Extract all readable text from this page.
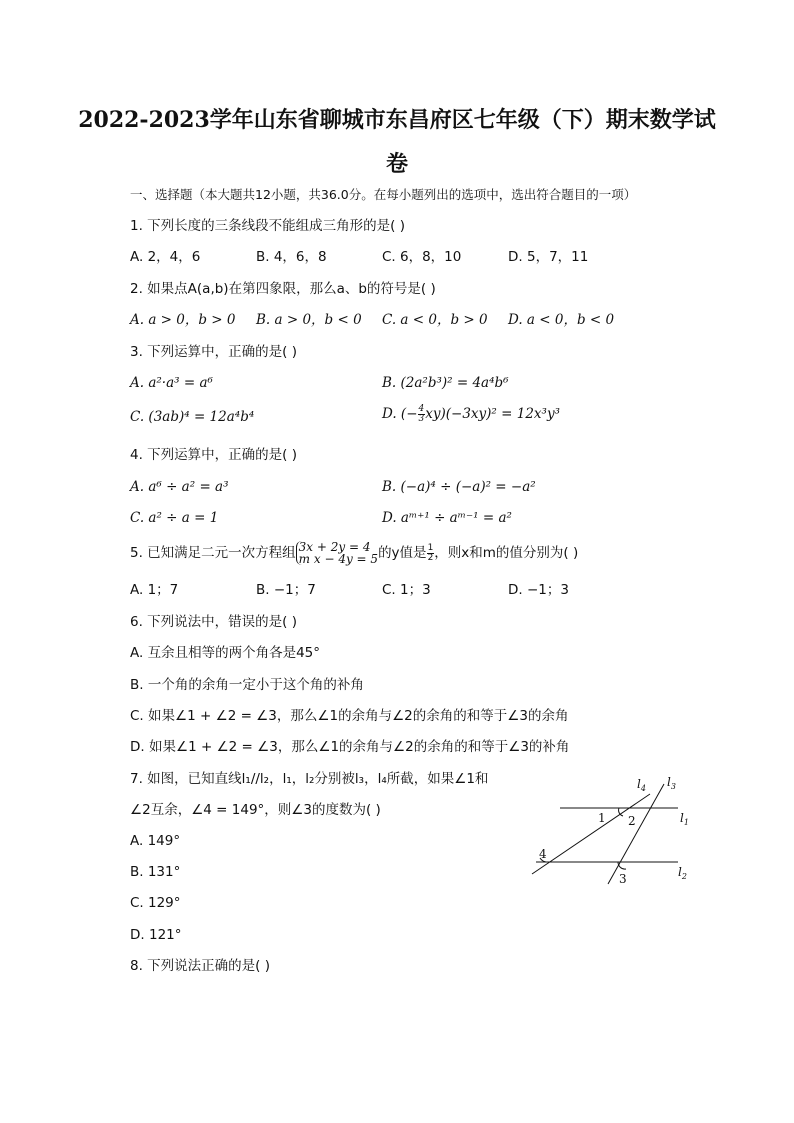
2022-2023学年山东省聊城市东昌府区七年级（下）期末数学试
卷
一、选择题（本大题共12小题，共36.0分。在每小题列出的选项中，选出符合题目的一项）
1. 下列长度的三条线段不能组成三角形的是( )
A. 2，4，6	B. 4，6，8	C. 6，8，10	D. 5，7，11
2. 如果点A(a,b)在第四象限，那么a、b的符号是( )
A. a > 0，b > 0 B. a > 0，b < 0 C. a < 0，b > 0 D. a < 0，b < 0
3. 下列运算中，正确的是( )
A. a²·a³ = a⁶	B. (2a²b³)² = 4a⁴b⁶
C. (3ab)⁴ = 12a⁴b⁴	D. (− $\frac{4}{3} xy)(-3xy)^2 = 12x^3y^3$
4. 下列运算中，正确的是( )
A. a⁶ ÷ a² = a³	B. (−a)⁴ ÷ (−a)² = −a²
C. a² ÷ a = 1	D. aᵐ⁺¹ ÷ aᵐ⁻¹ = a²
5. 已知满足二元一次方程组 3x + 2y = 4
m x − 4y = 5 的y值是 $\frac{1}{2}$ ，则x和m的值分别为( )
A. 1；7	B. −1；7	C. 1；3	D. −1；3
6. 下列说法中，错误的是( )
A. 互余且相等的两个角各是45°
B. 一个角的余角一定小于这个角的补角
C. 如果∠1 + ∠2 = ∠3，那么∠1的余角与∠2的余角的和等于∠3的余角
D. 如果∠1 + ∠2 = ∠3，那么∠1的余角与∠2的余角的和等于∠3的补角
7. 如图，已知直线l₁//l₂，l₁，l₂分别被l₃，l₄所截，如果∠1和
∠2互余，∠4 = 149°，则∠3的度数为( )
A. 149°
B. 131°
C. 129°
D. 121°
$l_4$ $l_3$
$l_1$
$l_2$
1 2
4
3
8. 下列说法正确的是( )
